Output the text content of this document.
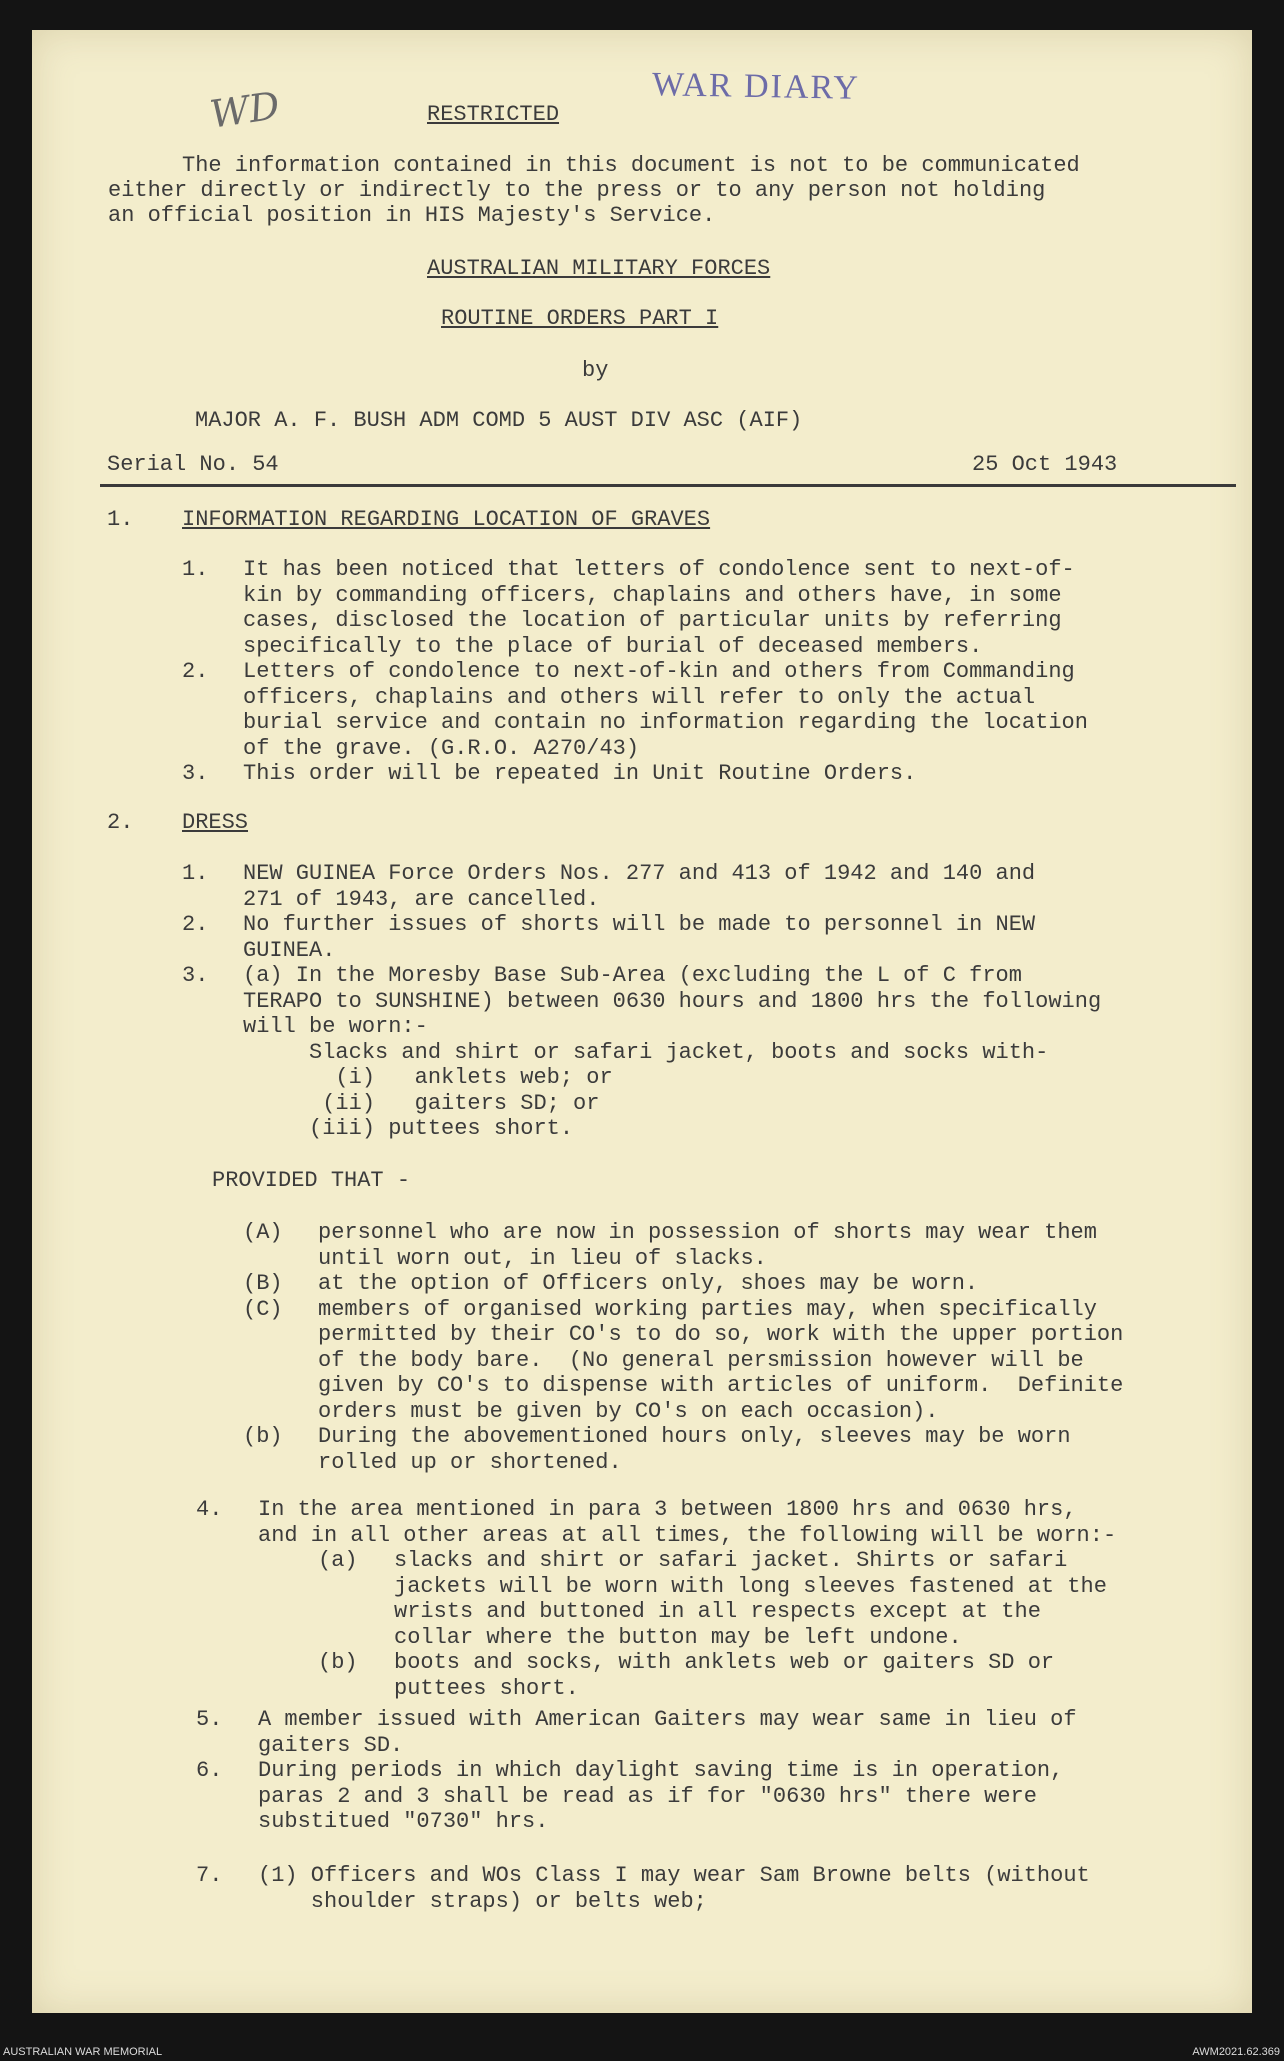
WAR DIARY
WD	RESTRICTED
The information contained in this document is not to be communicated
either directly or indirectly to the press or to any person not holding
an official position in HIS Majesty's Service.
AUSTRALIAN MILITARY FORCES
ROUTINE ORDERS PART I
by
MAJOR A. F. BUSH ADM COMD 5 AUST DIV ASC (AIF)
Serial No. 54	25 Oct 1943
1. INFORMATION REGARDING LOCATION OF GRAVES
1. It has been noticed that letters of condolence sent to next-of-
kin by commanding officers, chaplains and others have, in some
cases, disclosed the location of particular units by referring
specifically to the place of burial of deceased members.
2. Letters of condolence to next-of-kin and others from Commanding
officers, chaplains and others will refer to only the actual
burial service and contain no information regarding the location
of the grave. (G.R.O. A270/43)
3. This order will be repeated in Unit Routine Orders.
2. DRESS
1. NEW GUINEA Force Orders Nos. 277 and 413 of 1942 and 140 and
271 of 1943, are cancelled.
2. No further issues of shorts will be made to personnel in NEW
GUINEA.
3. (a) In the Moresby Base Sub-Area (excluding the L of C from
TERAPO to SUNSHINE) between 0630 hours and 1800 hrs the following
will be worn:-
Slacks and shirt or safari jacket, boots and socks with-
(i)   anklets web; or
(ii)   gaiters SD; or
(iii) puttees short.
PROVIDED THAT -
(A) personnel who are now in possession of shorts may wear them
until worn out, in lieu of slacks.
(B) at the option of Officers only, shoes may be worn.
(C) members of organised working parties may, when specifically
permitted by their CO's to do so, work with the upper portion
of the body bare.  (No general persmission however will be
given by CO's to dispense with articles of uniform.  Definite
orders must be given by CO's on each occasion).
(b) During the abovementioned hours only, sleeves may be worn
rolled up or shortened.
4. In the area mentioned in para 3 between 1800 hrs and 0630 hrs,
and in all other areas at all times, the following will be worn:-
(a) slacks and shirt or safari jacket. Shirts or safari
jackets will be worn with long sleeves fastened at the
wrists and buttoned in all respects except at the
collar where the button may be left undone.
(b) boots and socks, with anklets web or gaiters SD or
puttees short.
5. A member issued with American Gaiters may wear same in lieu of
gaiters SD.
6. During periods in which daylight saving time is in operation,
paras 2 and 3 shall be read as if for "0630 hrs" there were
substitued "0730" hrs.
7. (1) Officers and WOs Class I may wear Sam Browne belts (without
shoulder straps) or belts web;
AUSTRALIAN WAR MEMORIAL	AWM2021.62.369
